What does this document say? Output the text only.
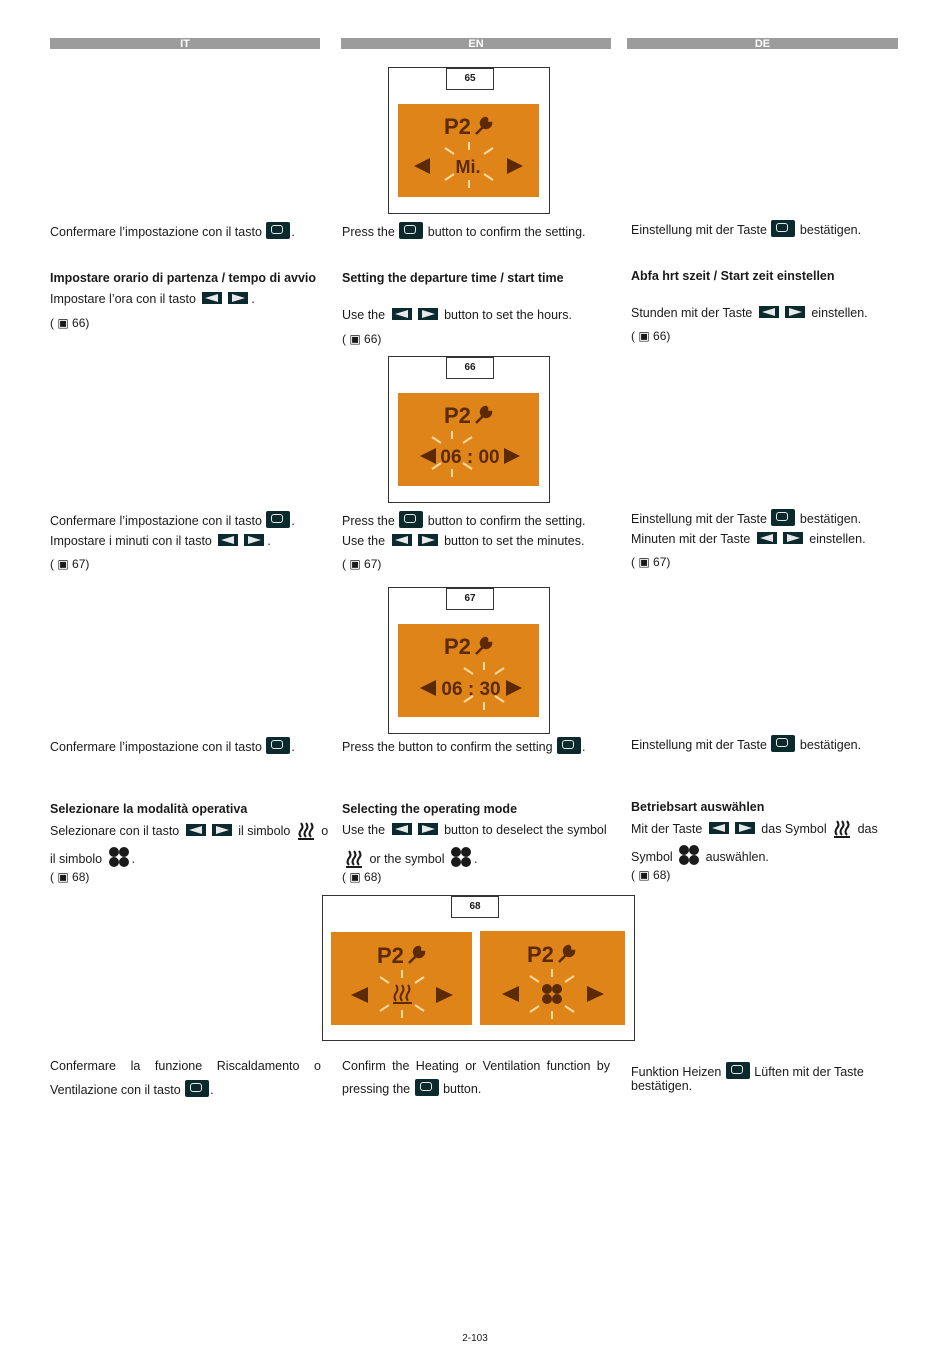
IT	EN	DE
65
P2
Mi.
66
P2
06 : 00
67
P2
06 : 30
68
P2	P2
Confermare l’impostazione con il tasto .
Impostare orario di partenza / tempo di avvio
Impostare l’ora con il tasto	.
( ▣ 66)
Confermare l’impostazione con il tasto .
Impostare i minuti con il tasto	.
( ▣ 67)
Confermare l’impostazione con il tasto .
Selezionare la modalità operativa
Selezionare con il tasto	il simbolo o
il simbolo .
( ▣ 68)
Confermare la funzione Riscaldamento o
Ventilazione con il tasto .
Press the	button to confirm the setting.
Setting the departure time / start time
Use the	button to set the hours.
( ▣ 66)
Press the	button to confirm the setting.
Use the	button to set the minutes.
( ▣ 67)
Press the button to confirm the setting .
Selecting the operating mode
Use the	button to deselect the symbol
or the symbol .
( ▣ 68)
Confirm the Heating or Ventilation function by
pressing the	button.
Einstellung mit der Taste	bestätigen.
Abfa hrt szeit / Start zeit einstellen
Stunden mit der Taste	einstellen.
( ▣ 66)
Einstellung mit der Taste	bestätigen.
Minuten mit der Taste	einstellen.
( ▣ 67)
Einstellung mit der Taste	bestätigen.
Betriebsart auswählen
Mit der Taste	das Symbol das
Symbol	auswählen.
( ▣ 68)
Funktion Heizen	Lüften mit der Taste
bestätigen.
2-103
